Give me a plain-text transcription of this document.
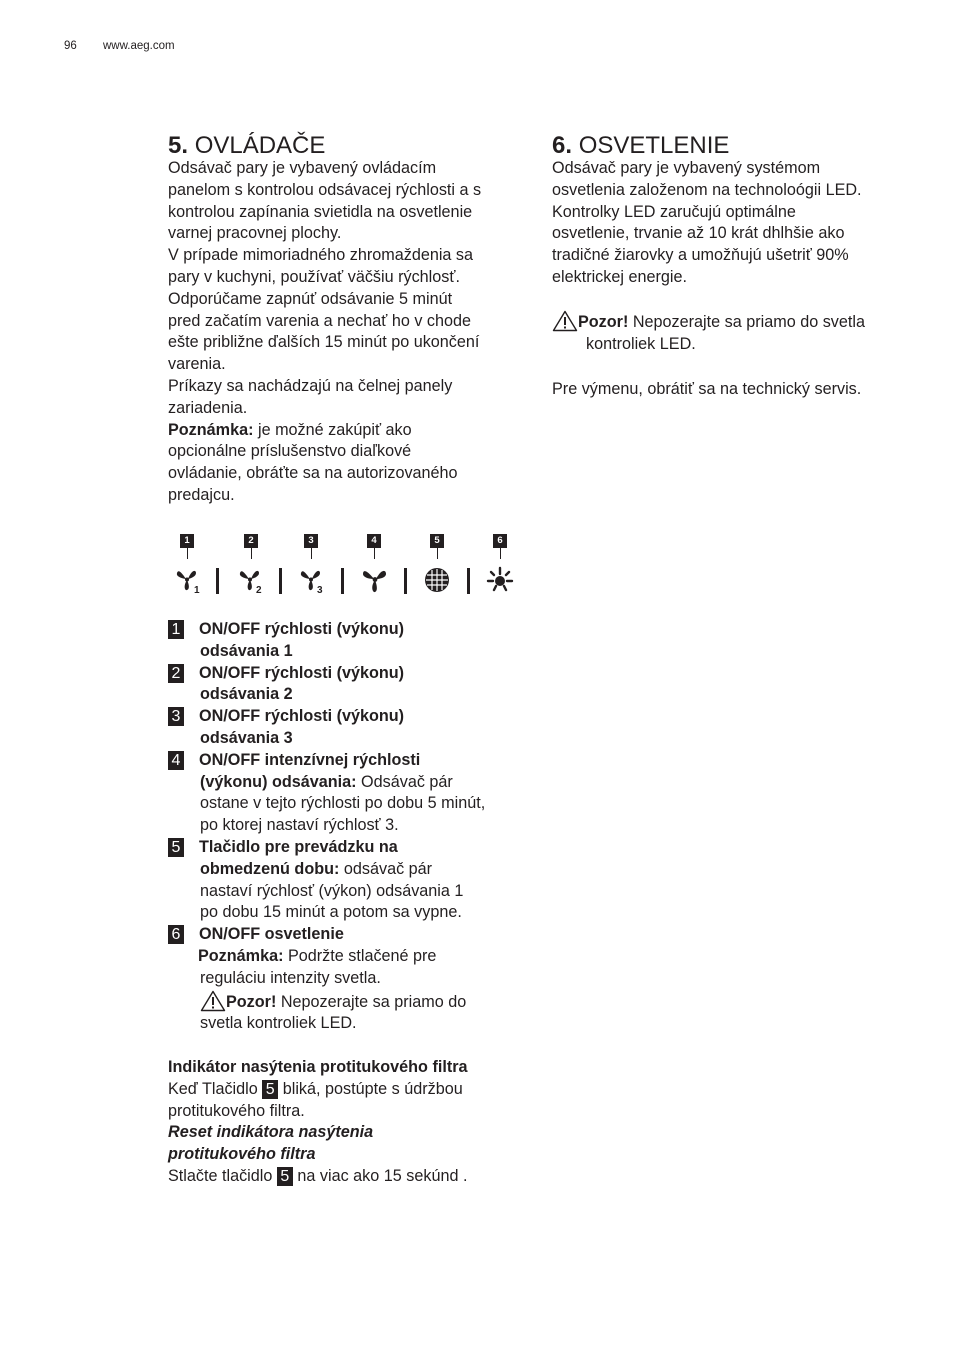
96 www.aeg.com
5. OVLÁDAČE

Odsávač pary je vybavený ovládacím

panelom s kontrolou odsávacej rýchlosti a s

kontrolou zapínania svietidla na osvetlenie

varnej pracovnej plochy.

V prípade mimoriadného zhromaždenia sa

pary v kuchyni, používať väčšiu rýchlosť.

Odporúčame zapnúť odsávanie 5 minút

pred začatím varenia a nechať ho v chode

ešte približne ďalších 15 minút po ukončení

varenia.

Príkazy sa nachádzajú na čelnej panely

zariadenia.

Poznámka: je možné zakúpiť ako

opcionálne príslušenstvo diaľkové

ovládanie, obráťte sa na autorizovaného

predajcu.

1	2	3	4	5	6
1	2	3
1 ON/OFF rýchlosti (výkonu)
odsávania 1
2 ON/OFF rýchlosti (výkonu)
odsávania 2
3 ON/OFF rýchlosti (výkonu)
odsávania 3
4 ON/OFF intenzívnej rýchlosti
(výkonu) odsávania: Odsávač pár
ostane v tejto rýchlosti po dobu 5 minút,
po ktorej nastaví rýchlosť 3.
5 Tlačidlo pre prevádzku na
obmedzenú dobu: odsávač pár
nastaví rýchlosť (výkon) odsávania 1
po dobu 15 minút a potom sa vypne.
6 ON/OFF osvetlenie
Poznámka: Podržte stlačené pre
reguláciu intenzity svetla.
Pozor! Nepozerajte sa priamo do
svetla kontroliek LED.

Indikátor nasýtenia protitukového filtra

Keď Tlačidlo 5 bliká, postúpte s údržbou

protitukového filtra.

Reset indikátora nasýtenia

protitukového filtra

Stlačte tlačidlo 5 na viac ako 15 sekúnd .

6. OSVETLENIE

Odsávač pary je vybavený systémom

osvetlenia založenom na technoloógii LED.

Kontrolky LED zaručujú optimálne

osvetlenie, trvanie až 10 krát dhlhšie ako

tradičné žiarovky a umožňujú ušetriť 90%

elektrickej energie.

Pozor! Nepozerajte sa priamo do svetla

kontroliek LED.

Pre výmenu, obrátiť sa na technický servis.
